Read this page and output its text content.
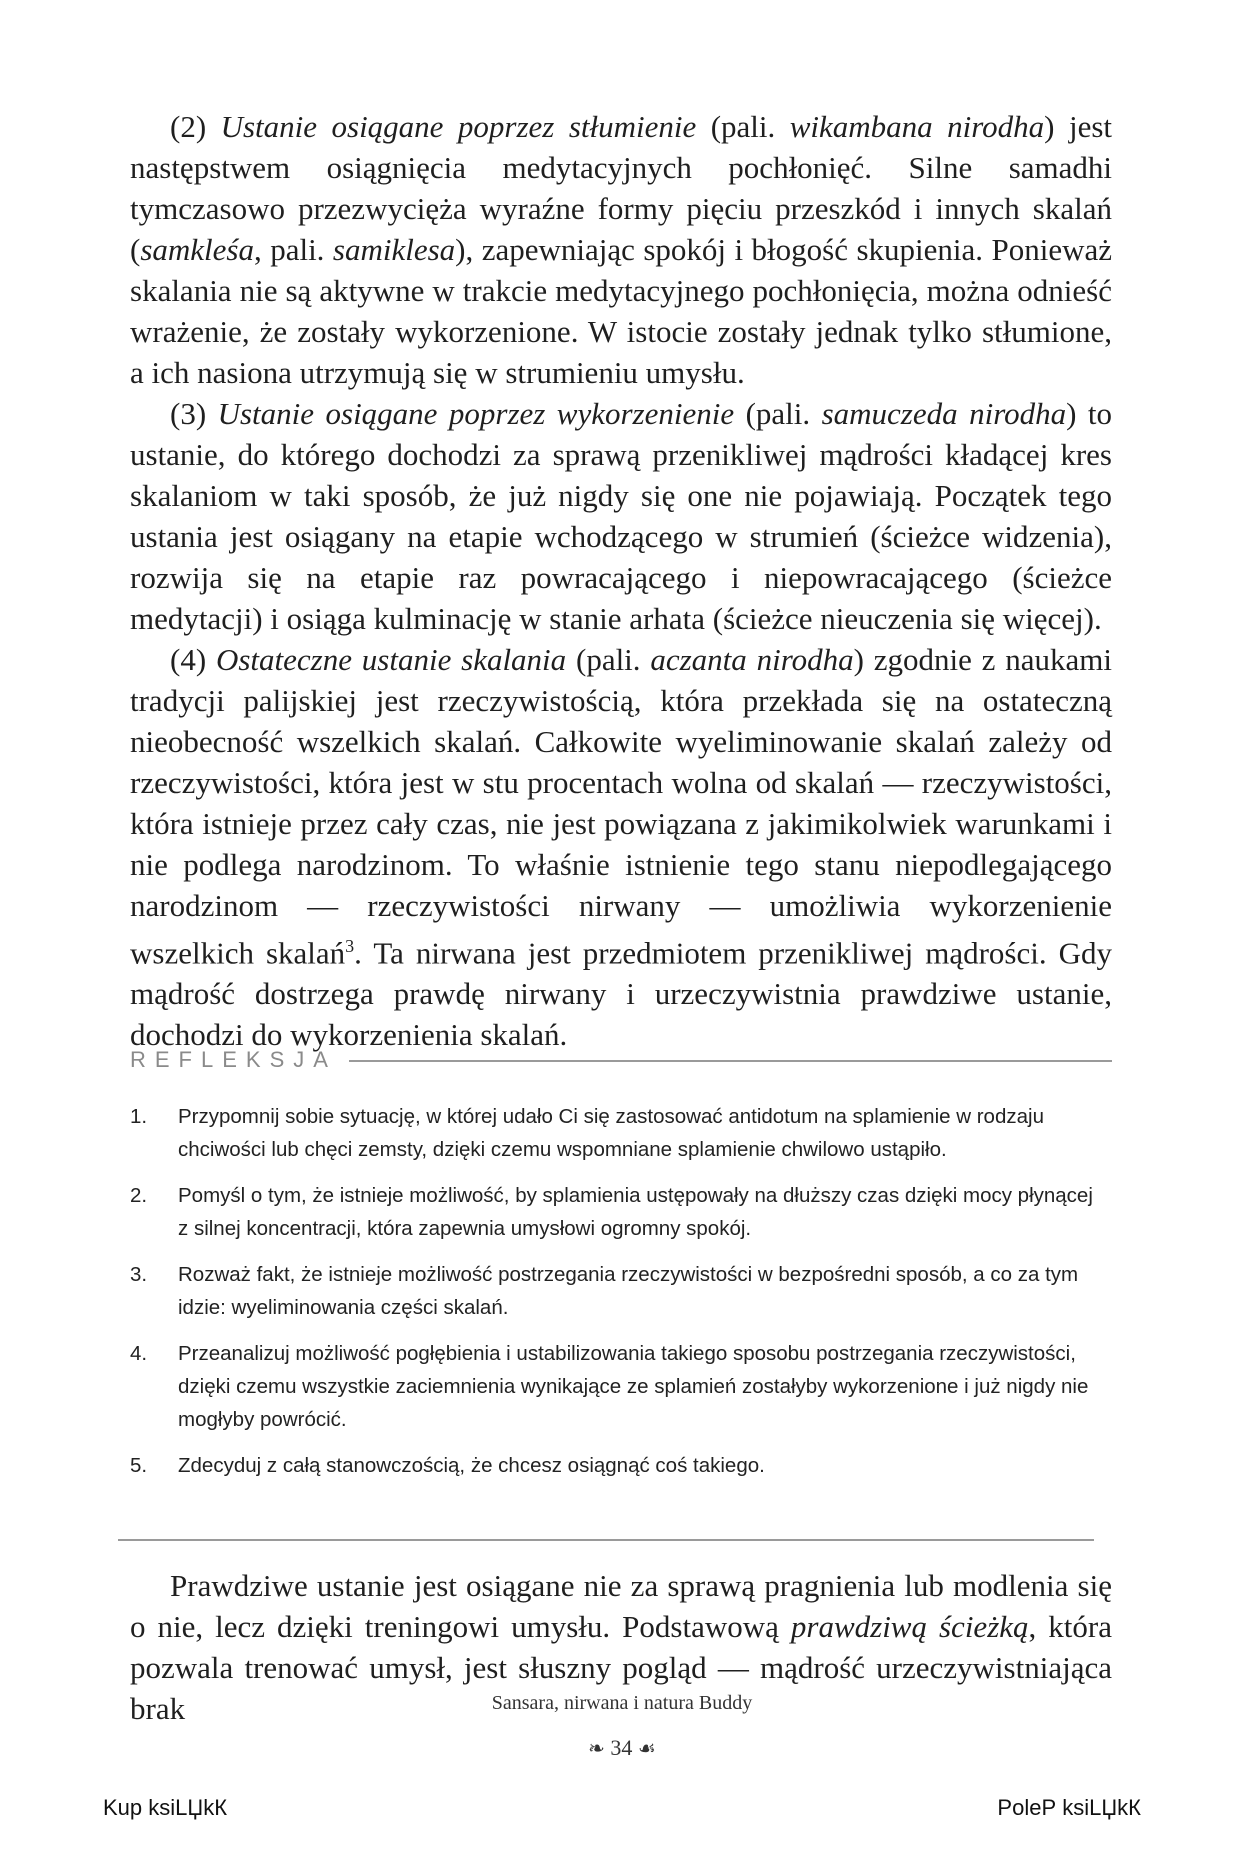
(2) Ustanie osiągane poprzez stłumienie (pali. wikambana nirodha) jest następstwem osiągnięcia medytacyjnych pochłonięć. Silne samadhi tymczasowo przezwycięża wyraźne formy pięciu przeszkód i innych skalań (samkleśa, pali. samiklesa), zapewniając spokój i błogość skupienia. Ponieważ skalania nie są aktywne w trakcie medytacyjnego pochłonięcia, można odnieść wrażenie, że zostały wykorzenione. W istocie zostały jednak tylko stłumione, a ich nasiona utrzymują się w strumieniu umysłu.

(3) Ustanie osiągane poprzez wykorzenienie (pali. samuczeda nirodha) to ustanie, do którego dochodzi za sprawą przenikliwej mądrości kładącej kres skalaniom w taki sposób, że już nigdy się one nie pojawiają. Początek tego ustania jest osiągany na etapie wchodzącego w strumień (ścieżce widzenia), rozwija się na etapie raz powracającego i niepowracającego (ścieżce medytacji) i osiąga kulminację w stanie arhata (ścieżce nieuczenia się więcej).

(4) Ostateczne ustanie skalania (pali. aczanta nirodha) zgodnie z naukami tradycji palijskiej jest rzeczywistością, która przekłada się na ostateczną nieobecność wszelkich skalań. Całkowite wyeliminowanie skalań zależy od rzeczywistości, która jest w stu procentach wolna od skalań — rzeczywistości, która istnieje przez cały czas, nie jest powiązana z jakimikolwiek warunkami i nie podlega narodzinom. To właśnie istnienie tego stanu niepodlegającego narodzinom — rzeczywistości nirwany — umożliwia wykorzenienie wszelkich skalań$^3$. Ta nirwana jest przedmiotem przenikliwej mądrości. Gdy mądrość dostrzega prawdę nirwany i urzeczywistnia prawdziwe ustanie, dochodzi do wykorzenienia skalań.

REFLEKSJA
1.	Przypomnij sobie sytuację, w której udało Ci się zastosować antidotum na splamienie w rodzaju chciwości lub chęci zemsty, dzięki czemu wspomniane splamienie chwilowo ustąpiło.
2.	Pomyśl o tym, że istnieje możliwość, by splamienia ustępowały na dłuższy czas dzięki mocy płynącej z silnej koncentracji, która zapewnia umysłowi ogromny spokój.
3.	Rozważ fakt, że istnieje możliwość postrzegania rzeczywistości w bezpośredni sposób, a co za tym idzie: wyeliminowania części skalań.
4.	Przeanalizuj możliwość pogłębienia i ustabilizowania takiego sposobu postrzegania rzeczywistości, dzięki czemu wszystkie zaciemnienia wynikające ze splamień zostałyby wykorzenione i już nigdy nie mogłyby powrócić.
5.	Zdecyduj z całą stanowczością, że chcesz osiągnąć coś takiego.

Prawdziwe ustanie jest osiągane nie za sprawą pragnienia lub modlenia się o nie, lecz dzięki treningowi umysłu. Podstawową prawdziwą ścieżką, która pozwala trenować umysł, jest słuszny pogląd — mądrość urzeczywistniająca brak	Sansara, nirwana i natura Buddy
❧ 34 ☙
Kup ksiLЏkК	PoleР ksiLЏkК
